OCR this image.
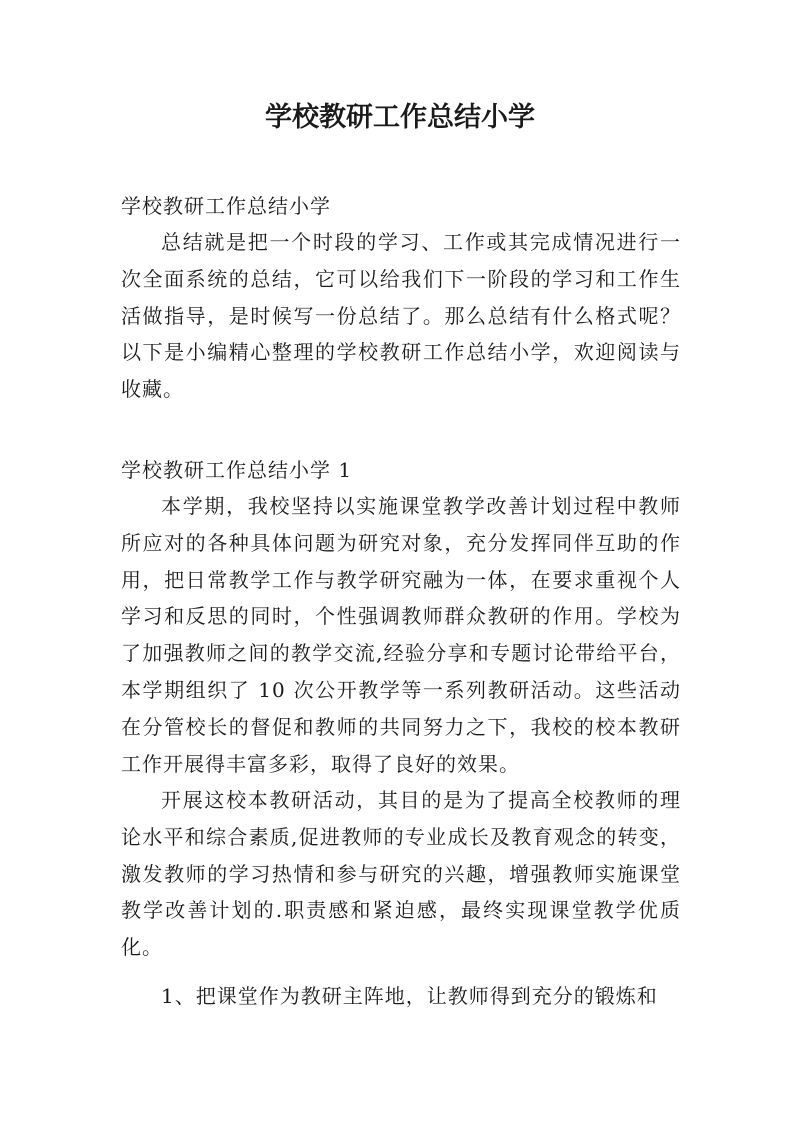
学校教研工作总结小学

学校教研工作总结小学

总结就是把一个时段的学习、工作或其完成情况进行一次全面系统的总结，它可以给我们下一阶段的学习和工作生活做指导，是时候写一份总结了。那么总结有什么格式呢？以下是小编精心整理的学校教研工作总结小学，欢迎阅读与收藏。

学校教研工作总结小学 1

本学期，我校坚持以实施课堂教学改善计划过程中教师所应对的各种具体问题为研究对象，充分发挥同伴互助的作用，把日常教学工作与教学研究融为一体，在要求重视个人学习和反思的同时，个性强调教师群众教研的作用。学校为了加强教师之间的教学交流,经验分享和专题讨论带给平台，本学期组织了 10 次公开教学等一系列教研活动。这些活动在分管校长的督促和教师的共同努力之下，我校的校本教研工作开展得丰富多彩，取得了良好的效果。

开展这校本教研活动，其目的是为了提高全校教师的理论水平和综合素质,促进教师的专业成长及教育观念的转变，激发教师的学习热情和参与研究的兴趣，增强教师实施课堂教学改善计划的.职责感和紧迫感，最终实现课堂教学优质化。

1、把课堂作为教研主阵地，让教师得到充分的锻炼和
